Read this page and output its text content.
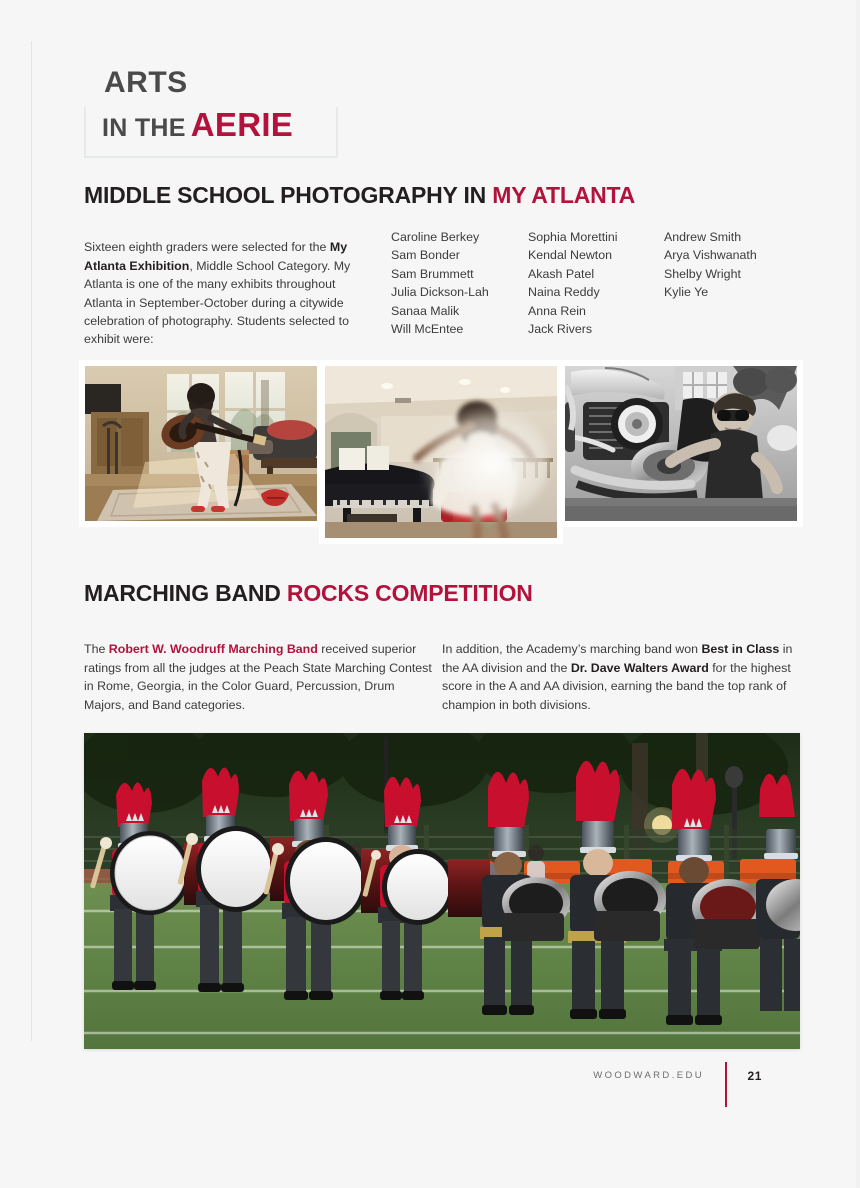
ARTS
IN THE AERIE
MIDDLE SCHOOL PHOTOGRAPHY IN MY ATLANTA

Sixteen eighth graders were selected for the My Atlanta Exhibition, Middle School Category. My Atlanta is one of the many exhibits throughout Atlanta in September-October during a citywide celebration of photography. Students selected to exhibit were:

Caroline Berkey
Sam Bonder
Sam Brummett
Julia Dickson-Lah
Sanaa Malik
Will McEntee
Sophia Morettini
Kendal Newton
Akash Patel
Naina Reddy
Anna Rein
Jack Rivers
Andrew Smith
Arya Vishwanath
Shelby Wright
Kylie Ye
MARCHING BAND ROCKS COMPETITION

The Robert W. Woodruff Marching Band received superior ratings from all the judges at the Peach State Marching Contest in Rome, Georgia, in the Color Guard, Percussion, Drum Majors, and Band categories.

In addition, the Academy’s marching band won Best in Class in the AA division and the Dr. Dave Walters Award for the highest score in the A and AA division, earning the band the top rank of champion in both divisions.

WOODWARD.EDU	21
